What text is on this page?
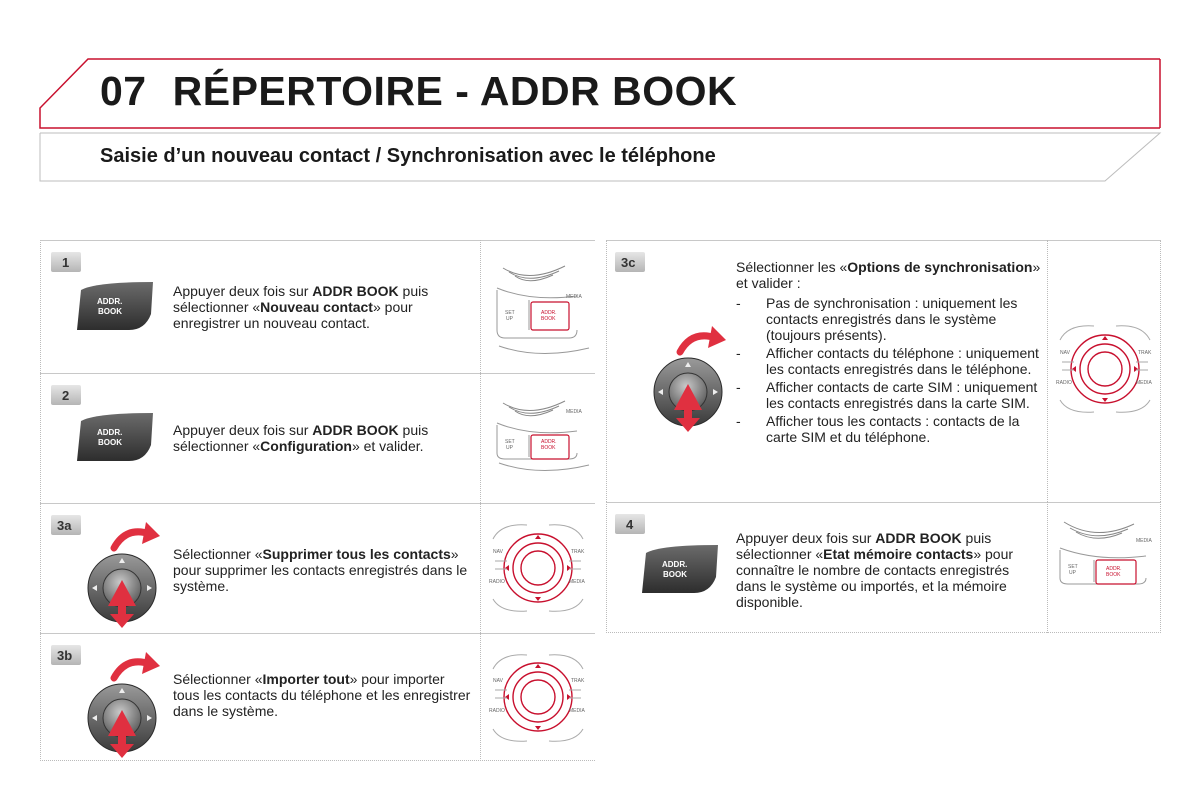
07 RÉPERTOIRE - ADDR BOOK
Saisie d’un nouveau contact / Synchronisation avec le téléphone
1
ADDR.
BOOK
Appuyer deux fois sur ADDR BOOK puis sélectionner «Nouveau contact» pour enregistrer un nouveau contact.
MEDIA
SET
UP
ADDR.
BOOK
2
ADDR.
BOOK
Appuyer deux fois sur ADDR BOOK puis sélectionner «Configuration» et valider.
MEDIA
SET
UP
ADDR.
BOOK
3a
Sélectionner «Supprimer tous les contacts» pour supprimer les contacts enregistrés dans le système.
NAV	TRAK
RADIO	MEDIA
3b
Sélectionner «Importer tout» pour importer tous les contacts du téléphone et les enregistrer dans le système.
NAV	TRAK
RADIO	MEDIA
3c	Sélectionner les «Options de synchronisation» et valider :
- Pas de synchronisation : uniquement les contacts enregistrés dans le système (toujours présents).
- Afficher contacts du téléphone : uniquement les contacts enregistrés dans le téléphone.
- Afficher contacts de carte SIM : uniquement les contacts enregistrés dans la carte SIM.
- Afficher tous les contacts : contacts de la carte SIM et du téléphone.
NAV	TRAK
RADIO	MEDIA
4
ADDR.
BOOK
Appuyer deux fois sur ADDR BOOK puis sélectionner «Etat mémoire contacts» pour connaître le nombre de contacts enregistrés dans le système ou importés, et la mémoire disponible.
MEDIA
SET
UP
ADDR.
BOOK
